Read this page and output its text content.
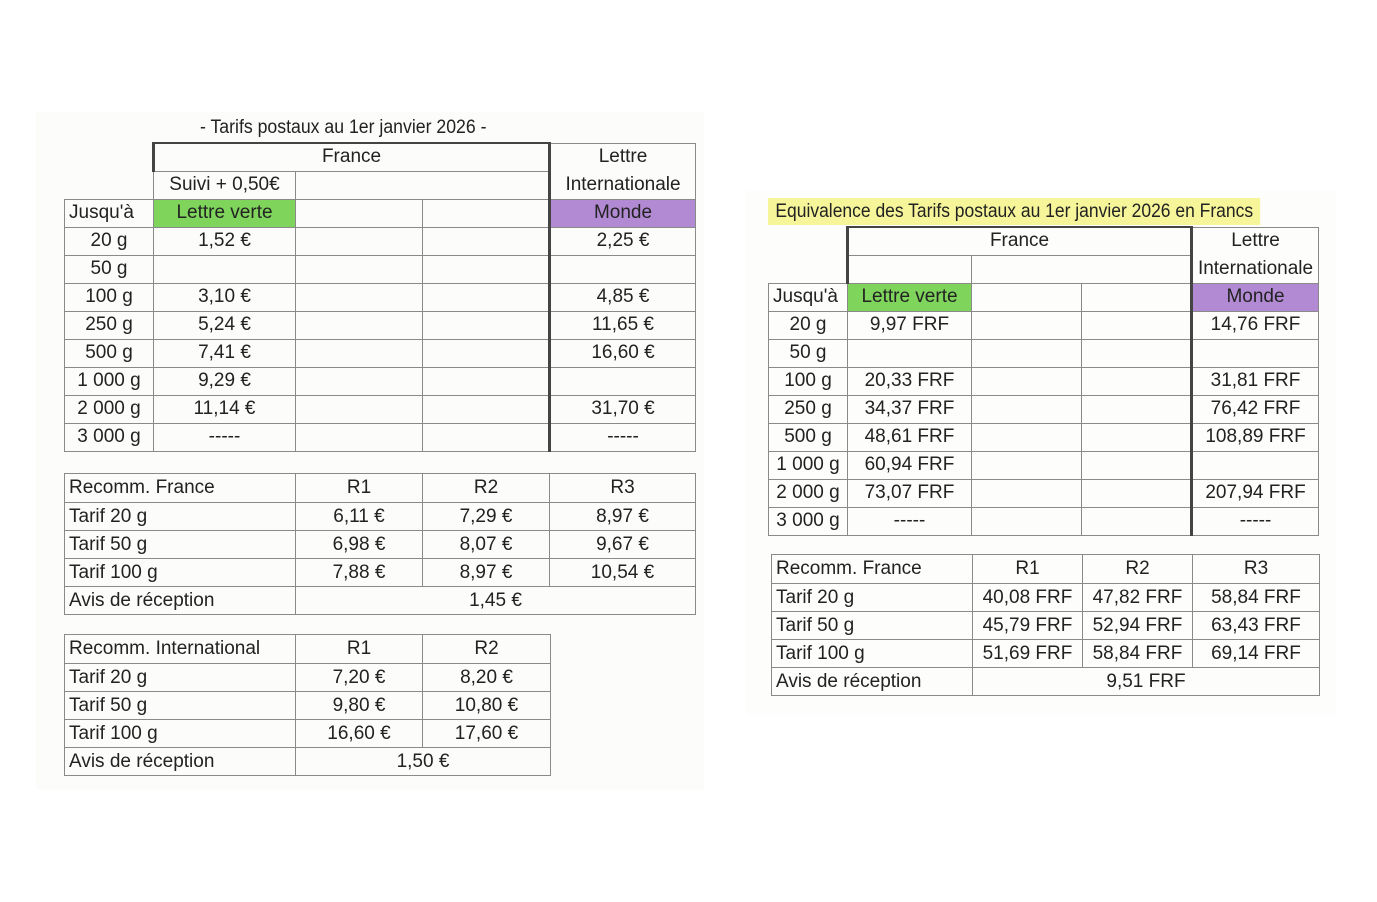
- Tarifs postaux au 1er janvier 2026 -
	France			Lettre
	Suivi + 0,50€			Internationale
Jusqu'à	Lettre verte			Monde
20 g	1,52 €			2,25 €
50 g				
100 g	3,10 €			4,85 €
250 g	5,24 €			11,65 €
500 g	7,41 €			16,60 €
1 000 g	9,29 €			
2 000 g	11,14 €			31,70 €
3 000 g	-----			-----
Recomm. France	R1	R2	R3
Tarif 20 g	6,11 €	7,29 €	8,97 €
Tarif 50 g	6,98 €	8,07 €	9,67 €
Tarif 100 g	7,88 €	8,97 €	10,54 €
Avis de réception	1,45 €		
Recomm. International	R1	R2
Tarif 20 g	7,20 €	8,20 €
Tarif 50 g	9,80 €	10,80 €
Tarif 100 g	16,60 €	17,60 €
Avis de réception	1,50 €	
Equivalence des Tarifs postaux au 1er janvier 2026 en Francs
	France			Lettre
				Internationale
Jusqu'à	Lettre verte			Monde
20 g	9,97 FRF			14,76 FRF
50 g				
100 g	20,33 FRF			31,81 FRF
250 g	34,37 FRF			76,42 FRF
500 g	48,61 FRF			108,89 FRF
1 000 g	60,94 FRF			
2 000 g	73,07 FRF			207,94 FRF
3 000 g	-----			-----
Recomm. France	R1	R2	R3
Tarif 20 g	40,08 FRF	47,82 FRF	58,84 FRF
Tarif 50 g	45,79 FRF	52,94 FRF	63,43 FRF
Tarif 100 g	51,69 FRF	58,84 FRF	69,14 FRF
Avis de réception	9,51 FRF		
